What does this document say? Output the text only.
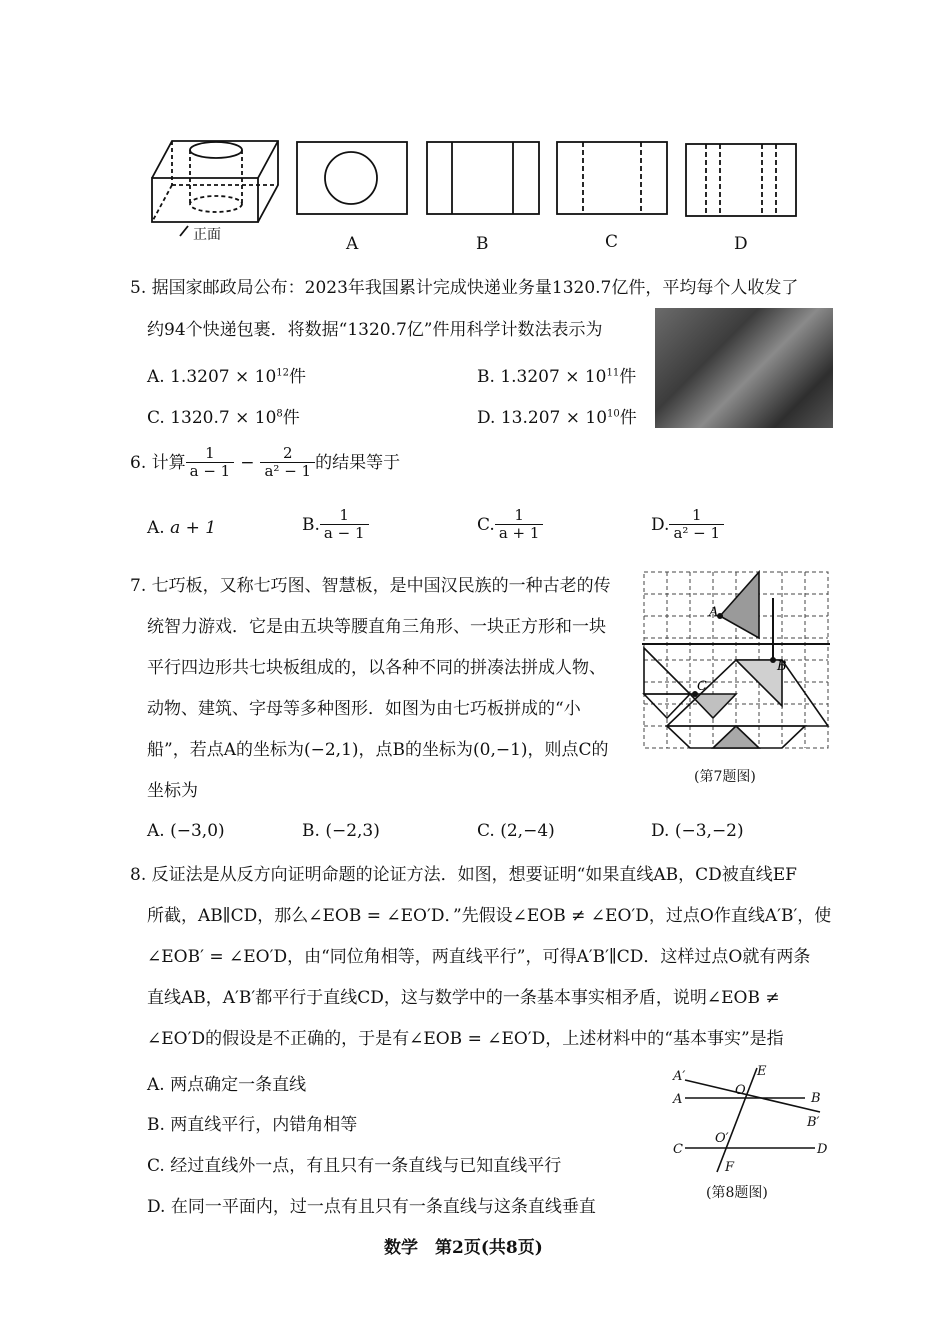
正面	A	B	C	D
5. 据国家邮政局公布：2023年我国累计完成快递业务量1320.7亿件，平均每个人收发了
约94个快递包裹．将数据“1320.7亿”件用科学计数法表示为
A. $1.3207 \times 10^{12}$件	B. $1.3207 \times 10^{11}$件
C. $1320.7 \times 10^8$件	D. $13.207 \times 10^{10}$件
6. 计算 $\frac{1}{a - 1} - \frac{2}{\text{a² − 1}}$ 的结果等于
A. a + 1	B. $\frac{1}{a - 1}$	C. $\frac{1}{a + 1}$	D. $\frac{1}{\text{a² − 1}}$
7. 七巧板，又称七巧图、智慧板，是中国汉民族的一种古老的传
统智力游戏．它是由五块等腰直角三角形、一块正方形和一块
平行四边形共七块板组成的，以各种不同的拼凑法拼成人物、
动物、建筑、字母等多种图形．如图为由七巧板拼成的“小
船”，若点A的坐标为(−2,1)，点B的坐标为(0,−1)，则点C的
坐标为
A
B
C
(第7题图)
A. (−3,0)	B. (−2,3)	C. (2,−4)	D. (−3,−2)
8. 反证法是从反方向证明命题的论证方法．如图，想要证明“如果直线AB，CD被直线EF
所截，AB∥CD，那么∠EOB = ∠EO′D．”先假设∠EOB ≠ ∠EO′D，过点O作直线A′B′，使
∠EOB′ = ∠EO′D，由“同位角相等，两直线平行”，可得A′B′∥CD．这样过点O就有两条
直线AB，A′B′都平行于直线CD，这与数学中的一条基本事实相矛盾，说明∠EOB ≠
∠EO′D的假设是不正确的，于是有∠EOB = ∠EO′D，上述材料中的“基本事实”是指
A. 两点确定一条直线
B. 两直线平行，内错角相等
C. 经过直线外一点，有且只有一条直线与已知直线平行
D. 在同一平面内，过一点有且只有一条直线与这条直线垂直
A′	E
O
B
A
B′
C
O′
D
F
(第8题图)
数学　第2页(共8页)
